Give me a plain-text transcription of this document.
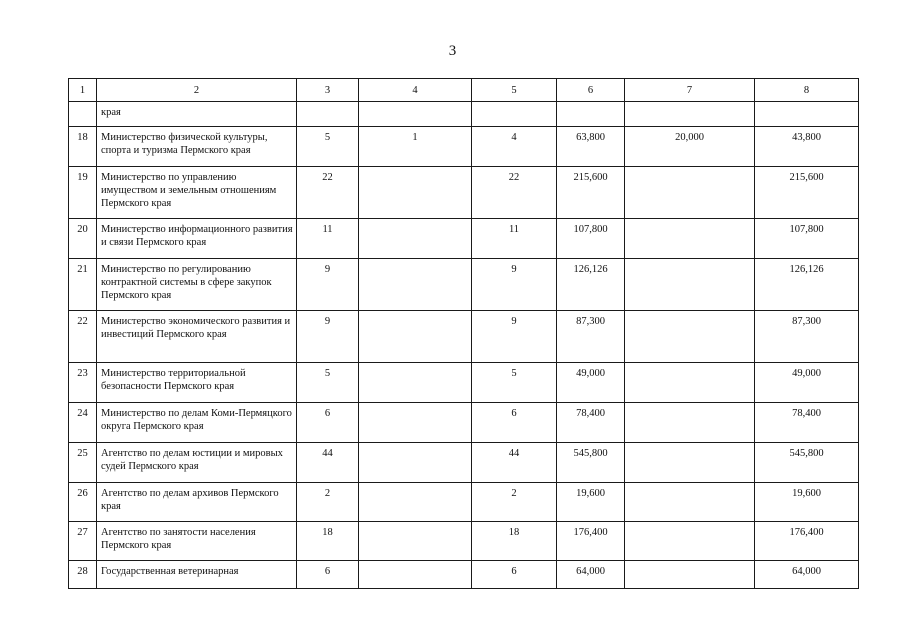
3
1	2	3	4	5	6	7	8
	края						
18	Министерство физической культуры, спорта и туризма Пермского края	5	1	4	63,800	20,000	43,800
19	Министерство по управлению имуществом и земельным отношениям Пермского края	22		22	215,600		215,600
20	Министерство информационного развития и связи Пермского края	11		11	107,800		107,800
21	Министерство по регулированию контрактной системы в сфере закупок Пермского края	9		9	126,126		126,126
22	Министерство экономического развития и инвестиций Пермского края	9		9	87,300		87,300
23	Министерство территориальной безопасности Пермского края	5		5	49,000		49,000
24	Министерство по делам Коми-Пермяцкого округа Пермского края	6		6	78,400		78,400
25	Агентство по делам юстиции и мировых судей Пермского края	44		44	545,800		545,800
26	Агентство по делам архивов Пермского края	2		2	19,600		19,600
27	Агентство по занятости населения Пермского края	18		18	176,400		176,400
28	Государственная ветеринарная	6		6	64,000		64,000
